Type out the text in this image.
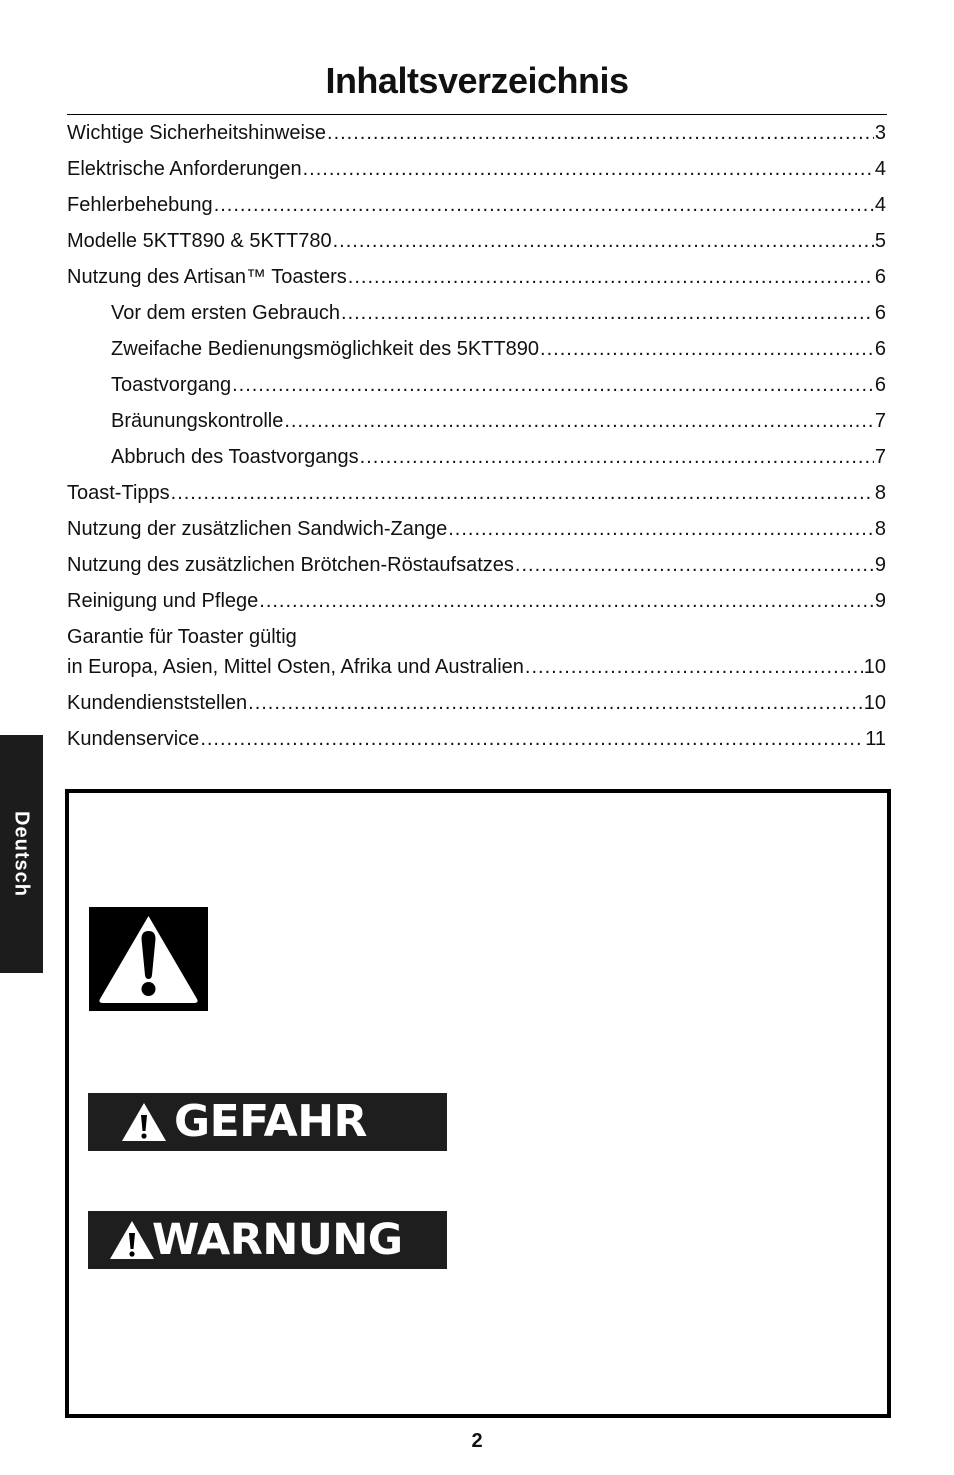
Inhaltsverzeichnis
Wichtige Sicherheitshinweise .....	3
Elektrische Anforderungen .....	4
Fehlerbehebung .....	4
Modelle 5KTT890 & 5KTT780 .....	5
Nutzung des Artisan™ Toasters .....	6
Vor dem ersten Gebrauch .....	6
Zweifache Bedienungsmöglichkeit des 5KTT890 .....	6
Toastvorgang .....	6
Bräunungskontrolle .....	7
Abbruch des Toastvorgangs .....	7
Toast-Tipps .....	8
Nutzung der zusätzlichen Sandwich-Zange .....	8
Nutzung des zusätzlichen Brötchen-Röstaufsatzes .....	9
Reinigung und Pflege .....	9
Garantie für Toaster gültig
in Europa, Asien, Mittel Osten, Afrika und Australien .....	10
Kundendienststellen .....	10
Kundenservice .....	11
Deutsch
GEFAHR
WARNUNG
2
